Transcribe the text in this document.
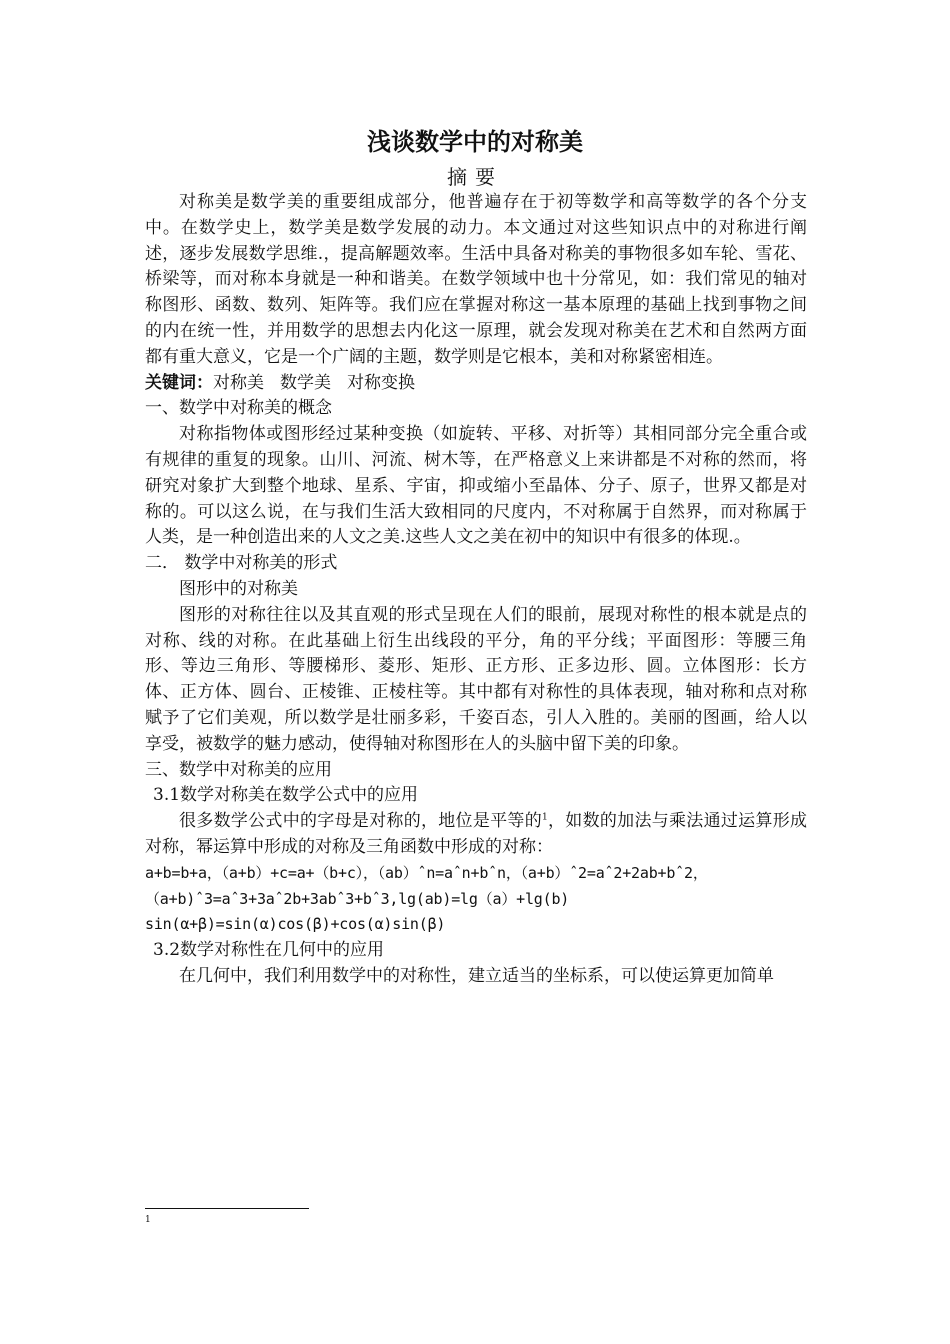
浅谈数学中的对称美
摘要

对称美是数学美的重要组成部分，他普遍存在于初等数学和高等数学的各个分支中。在数学史上，数学美是数学发展的动力。本文通过对这些知识点中的对称进行阐述，逐步发展数学思维.，提高解题效率。生活中具备对称美的事物很多如车轮、雪花、桥梁等，而对称本身就是一种和谐美。在数学领域中也十分常见，如：我们常见的轴对称图形、函数、数列、矩阵等。我们应在掌握对称这一基本原理的基础上找到事物之间的内在统一性，并用数学的思想去内化这一原理，就会发现对称美在艺术和自然两方面都有重大意义，它是一个广阔的主题，数学则是它根本，美和对称紧密相连。

关键词：对称美 数学美 对称变换

一、数学中对称美的概念

对称指物体或图形经过某种变换（如旋转、平移、对折等）其相同部分完全重合或有规律的重复的现象。山川、河流、树木等，在严格意义上来讲都是不对称的然而，将研究对象扩大到整个地球、星系、宇宙，抑或缩小至晶体、分子、原子，世界又都是对称的。可以这么说，在与我们生活大致相同的尺度内，不对称属于自然界，而对称属于人类，是一种创造出来的人文之美.这些人文之美在初中的知识中有很多的体现.。

二． 数学中对称美的形式

图形中的对称美

图形的对称往往以及其直观的形式呈现在人们的眼前，展现对称性的根本就是点的对称、线的对称。在此基础上衍生出线段的平分，角的平分线；平面图形：等腰三角形、等边三角形、等腰梯形、菱形、矩形、正方形、正多边形、圆。立体图形：长方体、正方体、圆台、正棱锥、正棱柱等。其中都有对称性的具体表现，轴对称和点对称赋予了它们美观，所以数学是壮丽多彩，千姿百态，引人入胜的。美丽的图画，给人以享受，被数学的魅力感动，使得轴对称图形在人的头脑中留下美的印象。

三、数学中对称美的应用

3.1数学对称美在数学公式中的应用

很多数学公式中的字母是对称的，地位是平等的$^1$，如数的加法与乘法通过运算形成对称，幂运算中形成的对称及三角函数中形成的对称：

a+b=b+a，（a+b）+c=a+（b+c），（ab）ˆn=aˆn+bˆn，（a+b）ˆ2=aˆ2+2ab+bˆ2，

（a+b)ˆ3=aˆ3+3aˆ2b+3abˆ3+bˆ3,lg(ab)=lg（a）+lg(b)

sin(α+β)=sin(α)cos(β)+cos(α)sin(β)

3.2数学对称性在几何中的应用

在几何中，我们利用数学中的对称性，建立适当的坐标系，可以使运算更加简单

1
